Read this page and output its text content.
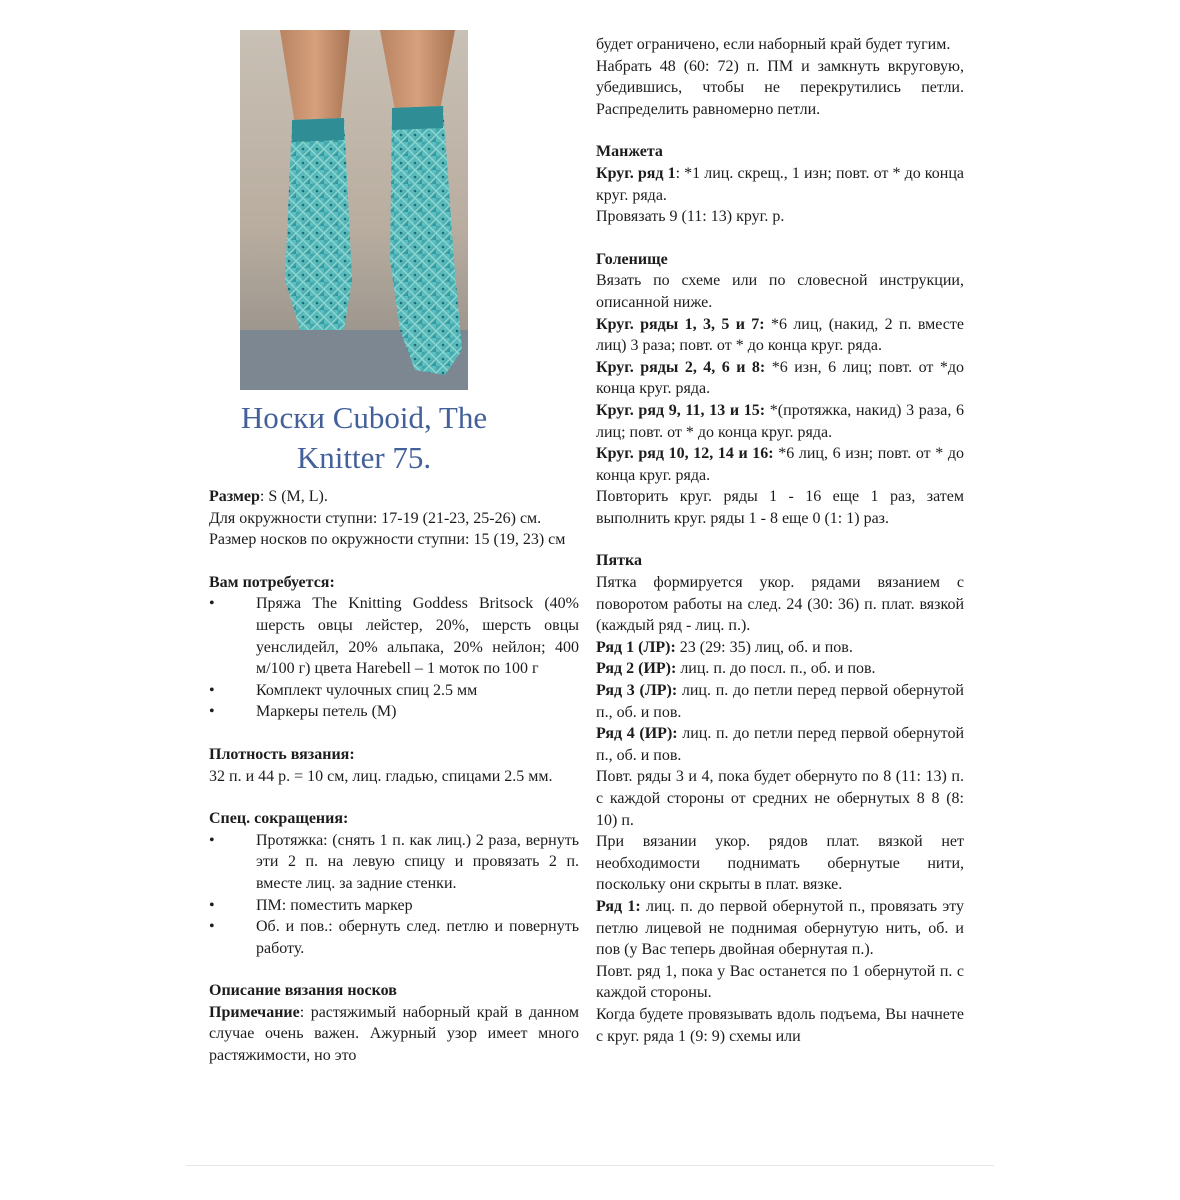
Носки Cuboid, The
Knitter 75.

Размер: S (M, L).

Для окружности ступни: 17-19 (21-23, 25-26) см.

Размер носков по окружности ступни: 15 (19, 23) см

Вам потребуется:

•	Пряжа The Knitting Goddess Britsock (40% шерсть овцы лейстер, 20%, шерсть овцы уенслидейл, 20% альпака, 20% нейлон; 400 м/100 г) цвета Harebell – 1 моток по 100 г
•	Комплект чулочных спиц 2.5 мм
•	Маркеры петель (М)

Плотность вязания:

32 п. и 44 р. = 10 см, лиц. гладью, спицами 2.5 мм.

Спец. сокращения:

•	Протяжка: (снять 1 п. как лиц.) 2 раза, вернуть эти 2 п. на левую спицу и провязать 2 п. вместе лиц. за задние стенки.
•	ПМ: поместить маркер
•	Об. и пов.: обернуть след. петлю и повернуть работу.

Описание вязания носков

Примечание: растяжимый наборный край в данном случае очень важен. Ажурный узор имеет много растяжимости, но это

будет ограничено, если наборный край будет тугим.

Набрать 48 (60: 72) п. ПМ и замкнуть вкруговую, убедившись, чтобы не перекрутились петли. Распределить равномерно петли.

Манжета

Круг. ряд 1: *1 лиц. скрещ., 1 изн; повт. от * до конца круг. ряда.

Провязать 9 (11: 13) круг. р.

Голенище

Вязать по схеме или по словесной инструкции, описанной ниже.

Круг. ряды 1, 3, 5 и 7: *6 лиц, (накид, 2 п. вместе лиц) 3 раза; повт. от * до конца круг. ряда.

Круг. ряды 2, 4, 6 и 8: *6 изн, 6 лиц; повт. от *до конца круг. ряда.

Круг. ряд 9, 11, 13 и 15: *(протяжка, накид) 3 раза, 6 лиц; повт. от * до конца круг. ряда.

Круг. ряд 10, 12, 14 и 16: *6 лиц, 6 изн; повт. от * до конца круг. ряда.

Повторить круг. ряды 1 - 16 еще 1 раз, затем выполнить круг. ряды 1 - 8 еще 0 (1: 1) раз.

Пятка

Пятка формируется укор. рядами вязанием с поворотом работы на след. 24 (30: 36) п. плат. вязкой (каждый ряд - лиц. п.).

Ряд 1 (ЛР): 23 (29: 35) лиц, об. и пов.

Ряд 2 (ИР): лиц. п. до посл. п., об. и пов.

Ряд 3 (ЛР): лиц. п. до петли перед первой обернутой п., об. и пов.

Ряд 4 (ИР): лиц. п. до петли перед первой обернутой п., об. и пов.

Повт. ряды 3 и 4, пока будет обернуто по 8 (11: 13) п. с каждой стороны от средних не обернутых 8 8 (8: 10) п.

При вязании укор. рядов плат. вязкой нет необходимости поднимать обернутые нити, поскольку они скрыты в плат. вязке.

Ряд 1: лиц. п. до первой обернутой п., провязать эту петлю лицевой не поднимая обернутую нить, об. и пов (у Вас теперь двойная обернутая п.).

Повт. ряд 1, пока у Вас останется по 1 обернутой п. с каждой стороны.

Когда будете провязывать вдоль подъема, Вы начнете с круг. ряда 1 (9: 9) схемы или
